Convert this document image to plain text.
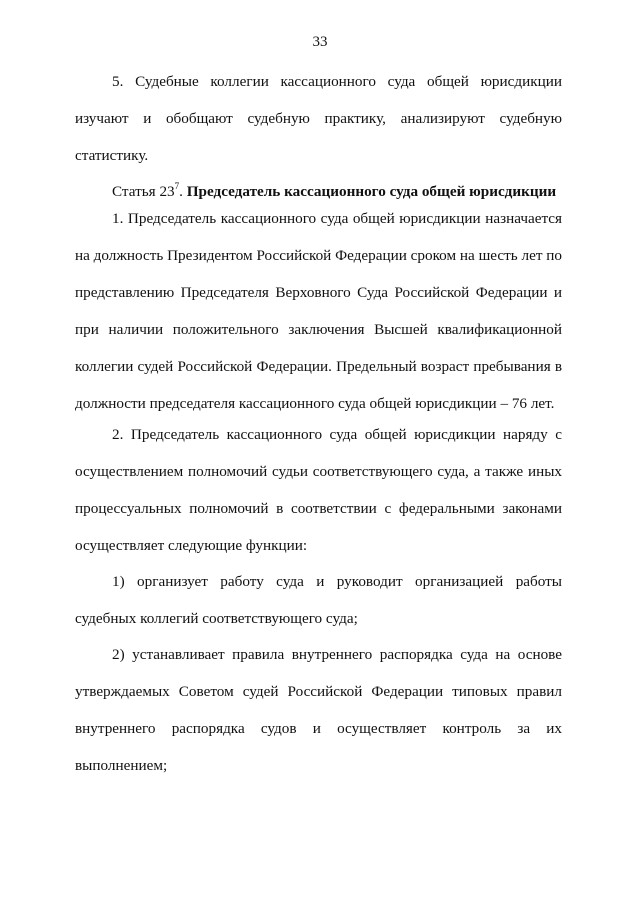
33

5. Судебные коллегии кассационного суда общей юрисдикции изучают и обобщают судебную практику, анализируют судебную статистику.

Статья $23^7$. Председатель кассационного суда общей юрисдикции

1. Председатель кассационного суда общей юрисдикции назначается на должность Президентом Российской Федерации сроком на шесть лет по представлению Председателя Верховного Суда Российской Федерации и при наличии положительного заключения Высшей квалификационной коллегии судей Российской Федерации. Предельный возраст пребывания в должности председателя кассационного суда общей юрисдикции – 76 лет.

2. Председатель кассационного суда общей юрисдикции наряду с осуществлением полномочий судьи соответствующего суда, а также иных процессуальных полномочий в соответствии с федеральными законами осуществляет следующие функции:

1) организует работу суда и руководит организацией работы судебных коллегий соответствующего суда;

2) устанавливает правила внутреннего распорядка суда на основе утверждаемых Советом судей Российской Федерации типовых правил внутреннего распорядка судов и осуществляет контроль за их выполнением;
